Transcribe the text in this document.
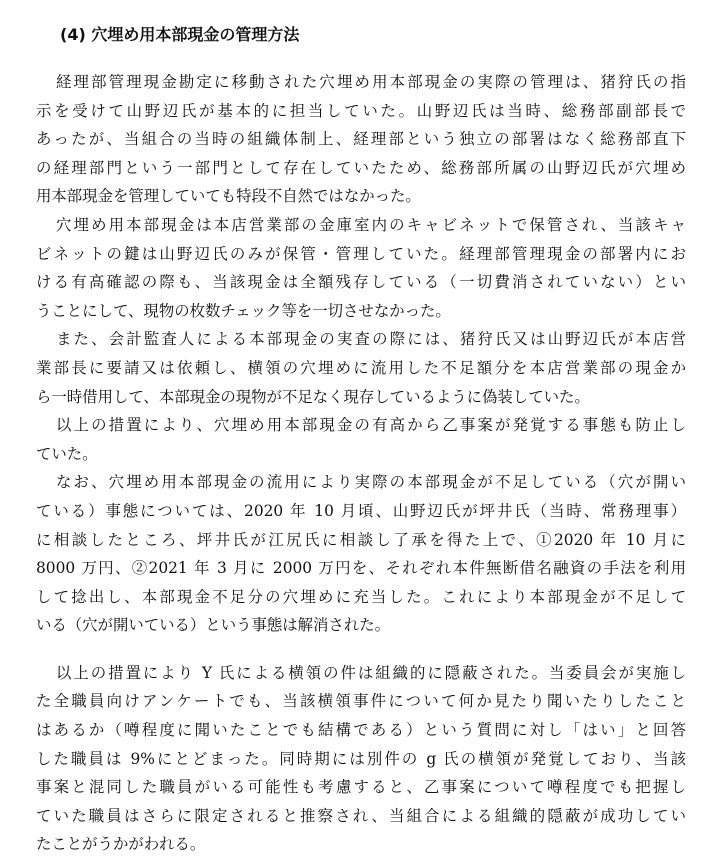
(4) 穴埋め用本部現金の管理方法

経理部管理現金勘定に移動された穴埋め用本部現金の実際の管理は、猪狩氏の指
示を受けて山野辺氏が基本的に担当していた。山野辺氏は当時、総務部副部長で
あったが、当組合の当時の組織体制上、経理部という独立の部署はなく総務部直下
の経理部門という一部門として存在していたため、総務部所属の山野辺氏が穴埋め
用本部現金を管理していても特段不自然ではなかった。

穴埋め用本部現金は本店営業部の金庫室内のキャビネットで保管され、当該キャ
ビネットの鍵は山野辺氏のみが保管・管理していた。経理部管理現金の部署内にお
ける有高確認の際も、当該現金は全額残存している（一切費消されていない）とい
うことにして、現物の枚数チェック等を一切させなかった。

また、会計監査人による本部現金の実査の際には、猪狩氏又は山野辺氏が本店営
業部長に要請又は依頼し、横領の穴埋めに流用した不足額分を本店営業部の現金か
ら一時借用して、本部現金の現物が不足なく現存しているように偽装していた。

以上の措置により、穴埋め用本部現金の有高から乙事案が発覚する事態も防止し
ていた。

なお、穴埋め用本部現金の流用により実際の本部現金が不足している（穴が開い
ている）事態については、2020 年 10 月頃、山野辺氏が坪井氏（当時、常務理事）
に相談したところ、坪井氏が江尻氏に相談し了承を得た上で、①2020 年 10 月に
8000 万円、②2021 年 3 月に 2000 万円を、それぞれ本件無断借名融資の手法を利用
して捻出し、本部現金不足分の穴埋めに充当した。これにより本部現金が不足して
いる（穴が開いている）という事態は解消された。

以上の措置により Y 氏による横領の件は組織的に隠蔽された。当委員会が実施し
た全職員向けアンケートでも、当該横領事件について何か見たり聞いたりしたこと
はあるか（噂程度に聞いたことでも結構である）という質問に対し「はい」と回答
した職員は 9%にとどまった。同時期には別件の g 氏の横領が発覚しており、当該
事案と混同した職員がいる可能性も考慮すると、乙事案について噂程度でも把握し
ていた職員はさらに限定されると推察され、当組合による組織的隠蔽が成功してい
たことがうかがわれる。
